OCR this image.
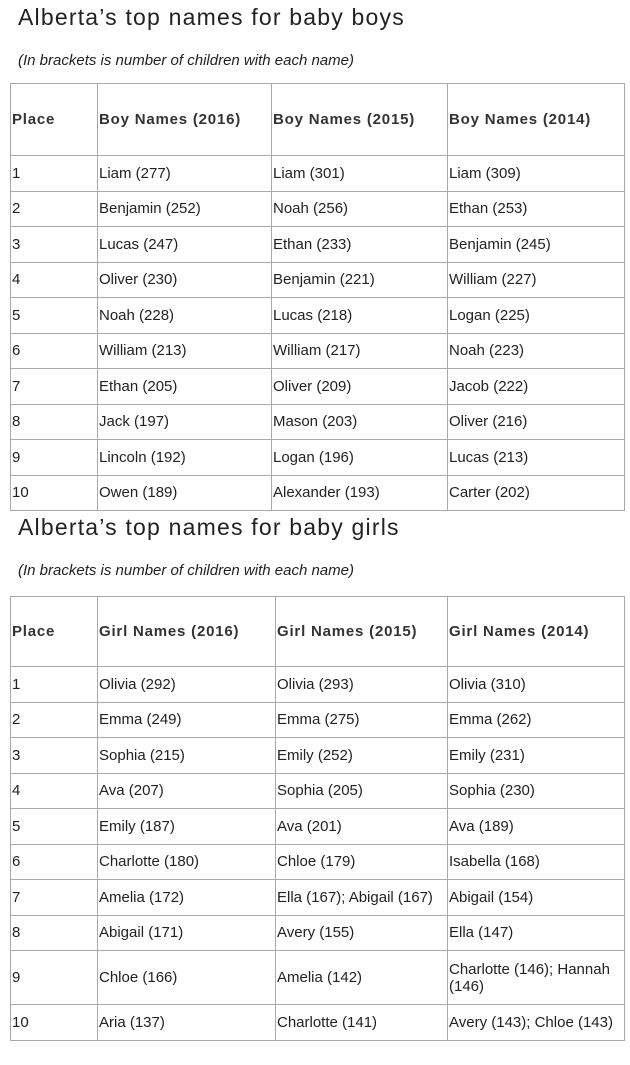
Alberta’s top names for baby boys

(In brackets is number of children with each name)

Place	Boy Names (2016)	Boy Names (2015)	Boy Names (2014)
1	Liam (277)	Liam (301)	Liam (309)
2	Benjamin (252)	Noah (256)	Ethan (253)
3	Lucas (247)	Ethan (233)	Benjamin (245)
4	Oliver (230)	Benjamin (221)	William (227)
5	Noah (228)	Lucas (218)	Logan (225)
6	William (213)	William (217)	Noah (223)
7	Ethan (205)	Oliver (209)	Jacob (222)
8	Jack (197)	Mason (203)	Oliver (216)
9	Lincoln (192)	Logan (196)	Lucas (213)
10	Owen (189)	Alexander (193)	Carter (202)
Alberta’s top names for baby girls

(In brackets is number of children with each name)

Place	Girl Names (2016)	Girl Names (2015)	Girl Names (2014)
1	Olivia (292)	Olivia (293)	Olivia (310)
2	Emma (249)	Emma (275)	Emma (262)
3	Sophia (215)	Emily (252)	Emily (231)
4	Ava (207)	Sophia (205)	Sophia (230)
5	Emily (187)	Ava (201)	Ava (189)
6	Charlotte (180)	Chloe (179)	Isabella (168)
7	Amelia (172)	Ella (167); Abigail (167)	Abigail (154)
8	Abigail (171)	Avery (155)	Ella (147)
9	Chloe (166)	Amelia (142)	Charlotte (146); Hannah (146)
10	Aria (137)	Charlotte (141)	Avery (143); Chloe (143)
